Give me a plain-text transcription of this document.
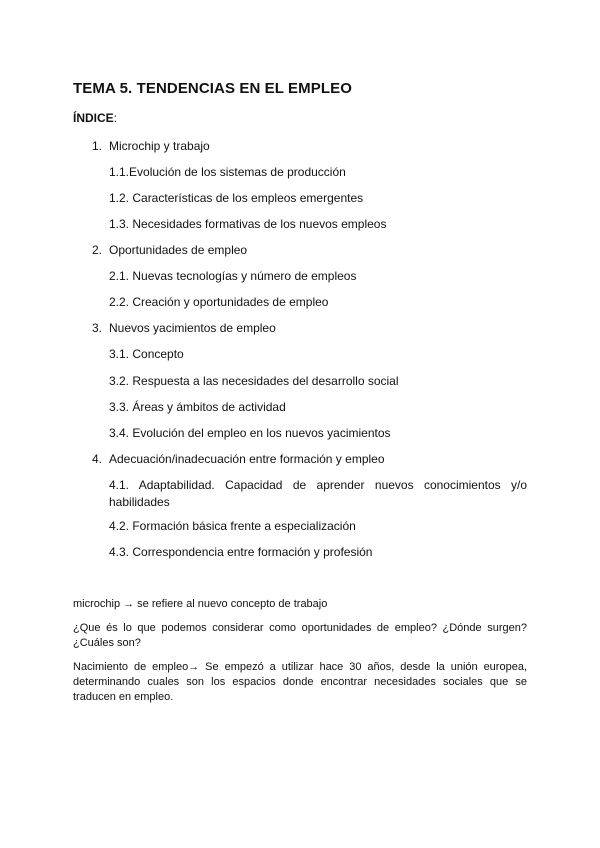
TEMA 5. TENDENCIAS EN EL EMPLEO

ÍNDICE:

1. Microchip y trabajo
1.1.Evolución de los sistemas de producción
1.2. Características de los empleos emergentes
1.3. Necesidades formativas de los nuevos empleos
2. Oportunidades de empleo
2.1. Nuevas tecnologías y número de empleos
2.2. Creación y oportunidades de empleo
3. Nuevos yacimientos de empleo
3.1. Concepto
3.2. Respuesta a las necesidades del desarrollo social
3.3. Áreas y ámbitos de actividad
3.4. Evolución del empleo en los nuevos yacimientos
4. Adecuación/inadecuación entre formación y empleo
4.1. Adaptabilidad. Capacidad de aprender nuevos conocimientos y/o habilidades
4.2. Formación básica frente a especialización
4.3. Correspondencia entre formación y profesión

microchip → se refiere al nuevo concepto de trabajo

¿Que és lo que podemos considerar como oportunidades de empleo? ¿Dónde surgen? ¿Cuáles son?

Nacimiento de empleo→ Se empezó a utilizar hace 30 años, desde la unión europea, determinando cuales son los espacios donde encontrar necesidades sociales que se traducen en empleo.
